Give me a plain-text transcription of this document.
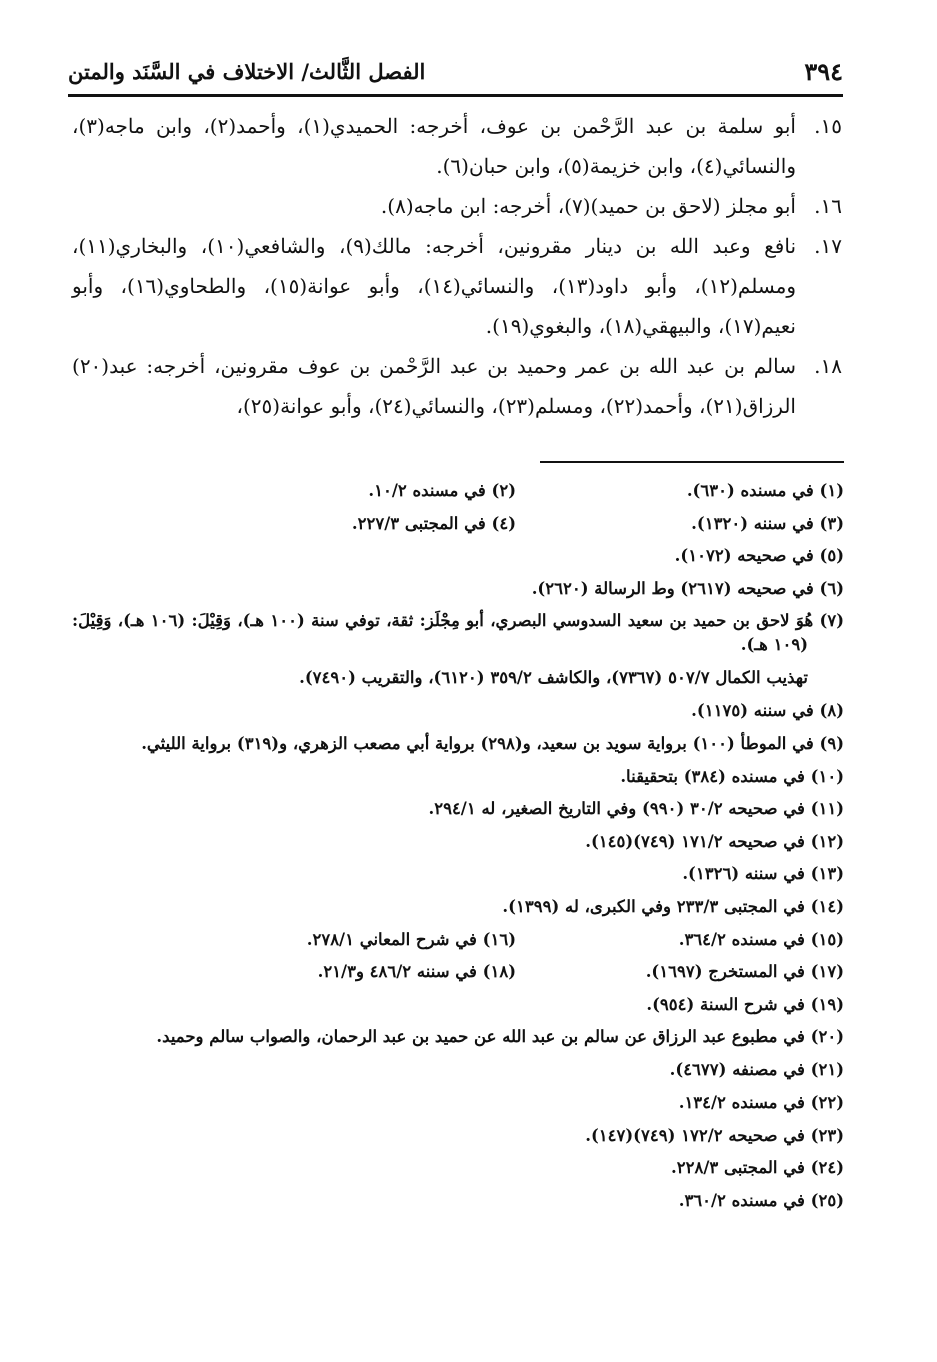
٣٩٤
الفصل الثَّالث/ الاختلاف في السَّنَد والمتن
١٥.أبو سلمة بن عبد الرَّحْمن بن عوف، أخرجه: الحميدي(١)، وأحمد(٢)، وابن ماجه(٣)، والنسائي(٤)، وابن خزيمة(٥)، وابن حبان(٦).
١٦.أبو مجلز (لاحق بن حميد)(٧)، أخرجه: ابن ماجه(٨).
١٧.نافع وعبد الله بن دينار مقرونين، أخرجه: مالك(٩)، والشافعي(١٠)، والبخاري(١١)، ومسلم(١٢)، وأبو داود(١٣)، والنسائي(١٤)، وأبو عوانة(١٥)، والطحاوي(١٦)، وأبو نعيم(١٧)، والبيهقي(١٨)، والبغوي(١٩).
١٨.سالم بن عبد الله بن عمر وحميد بن عبد الرَّحْمن بن عوف مقرونين، أخرجه: عبد(٢٠) الرزاق(٢١)، وأحمد(٢٢)، ومسلم(٢٣)، والنسائي(٢٤)، وأبو عوانة(٢٥)،
(١) في مسنده (٦٣٠).
(٢) في مسنده ١٠/٢.
(٣) في سننه (١٣٢٠).
(٤) في المجتبى ٢٢٧/٣.
(٥) في صحيحه (١٠٧٢).
(٦) في صحيحه (٢٦١٧) وط الرسالة (٢٦٢٠).
(٧) هُوَ لاحق بن حميد بن سعيد السدوسي البصري، أبو مِجْلَز: ثقة، توفي سنة (١٠٠ هـ)، وَقِيْلَ: (١٠٦ هـ)، وَقِيْلَ: (١٠٩ هـ).
تهذيب الكمال ٥٠٧/٧ (٧٣٦٧)، والكاشف ٣٥٩/٢ (٦١٢٠)، والتقريب (٧٤٩٠).
(٨) في سننه (١١٧٥).
(٩) في الموطأ (١٠٠) برواية سويد بن سعيد، و(٢٩٨) برواية أبي مصعب الزهري، و(٣١٩) برواية الليثي.
(١٠) في مسنده (٣٨٤) بتحقيقنا.
(١١) في صحيحه ٣٠/٢ (٩٩٠) وفي التاريخ الصغير، له ٢٩٤/١.
(١٢) في صحيحه ١٧١/٢ (٧٤٩)(١٤٥).
(١٣) في سننه (١٣٢٦).
(١٤) في المجتبى ٢٣٣/٣ وفي الكبرى، له (١٣٩٩).
(١٥) في مسنده ٣٦٤/٢.
(١٦) في شرح المعاني ٢٧٨/١.
(١٧) في المستخرج (١٦٩٧).
(١٨) في سننه ٤٨٦/٢ و٢١/٣.
(١٩) في شرح السنة (٩٥٤).
(٢٠) في مطبوع عبد الرزاق عن سالم بن عبد الله عن حميد بن عبد الرحمان، والصواب سالم وحميد.
(٢١) في مصنفه (٤٦٧٧).
(٢٢) في مسنده ١٣٤/٢.
(٢٣) في صحيحه ١٧٢/٢ (٧٤٩)(١٤٧).
(٢٤) في المجتبى ٢٢٨/٣.
(٢٥) في مسنده ٣٦٠/٢.
